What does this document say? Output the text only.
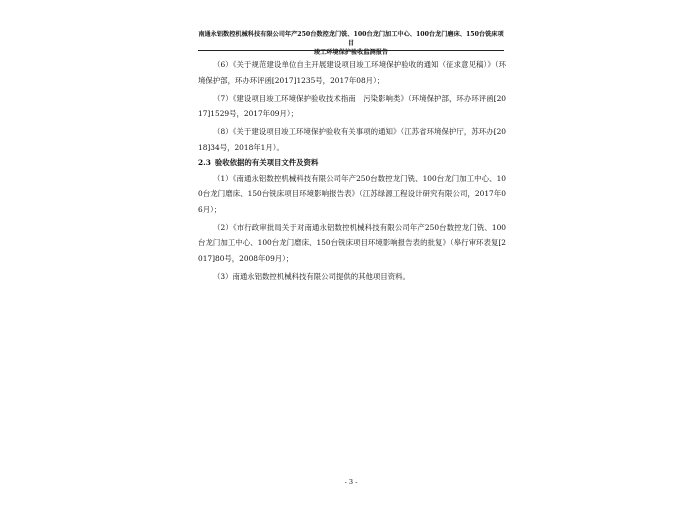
南通永铝数控机械科技有限公司年产250台数控龙门铣、100台龙门加工中心、100台龙门磨床、150台铣床项目
竣工环境保护验收监测报告

（6）《关于规范建设单位自主开展建设项目竣工环境保护验收的通知（征求意见稿）》（环境保护部，环办环评函[2017]1235号，2017年08月）；

（7）《建设项目竣工环境保护验收技术指南　污染影响类》（环境保护部，环办环评函[2017]1529号，2017年09月）；

（8）《关于建设项目竣工环境保护验收有关事项的通知》（江苏省环境保护厅，苏环办[2018]34号，2018年1月）。

2.3 验收依据的有关项目文件及资料

（1）《南通永铝数控机械科技有限公司年产250台数控龙门铣、100台龙门加工中心、100台龙门磨床、150台铣床项目环境影响报告表》（江苏绿源工程设计研究有限公司，2017年06月）；

（2）《市行政审批局关于对南通永铝数控机械科技有限公司年产250台数控龙门铣、100台龙门加工中心、100台龙门磨床、150台铣床项目环境影响报告表的批复》（皋行审环表复[2017]80号，2008年09月）；

（3）南通永铝数控机械科技有限公司提供的其他项目资料。

- 3 -
